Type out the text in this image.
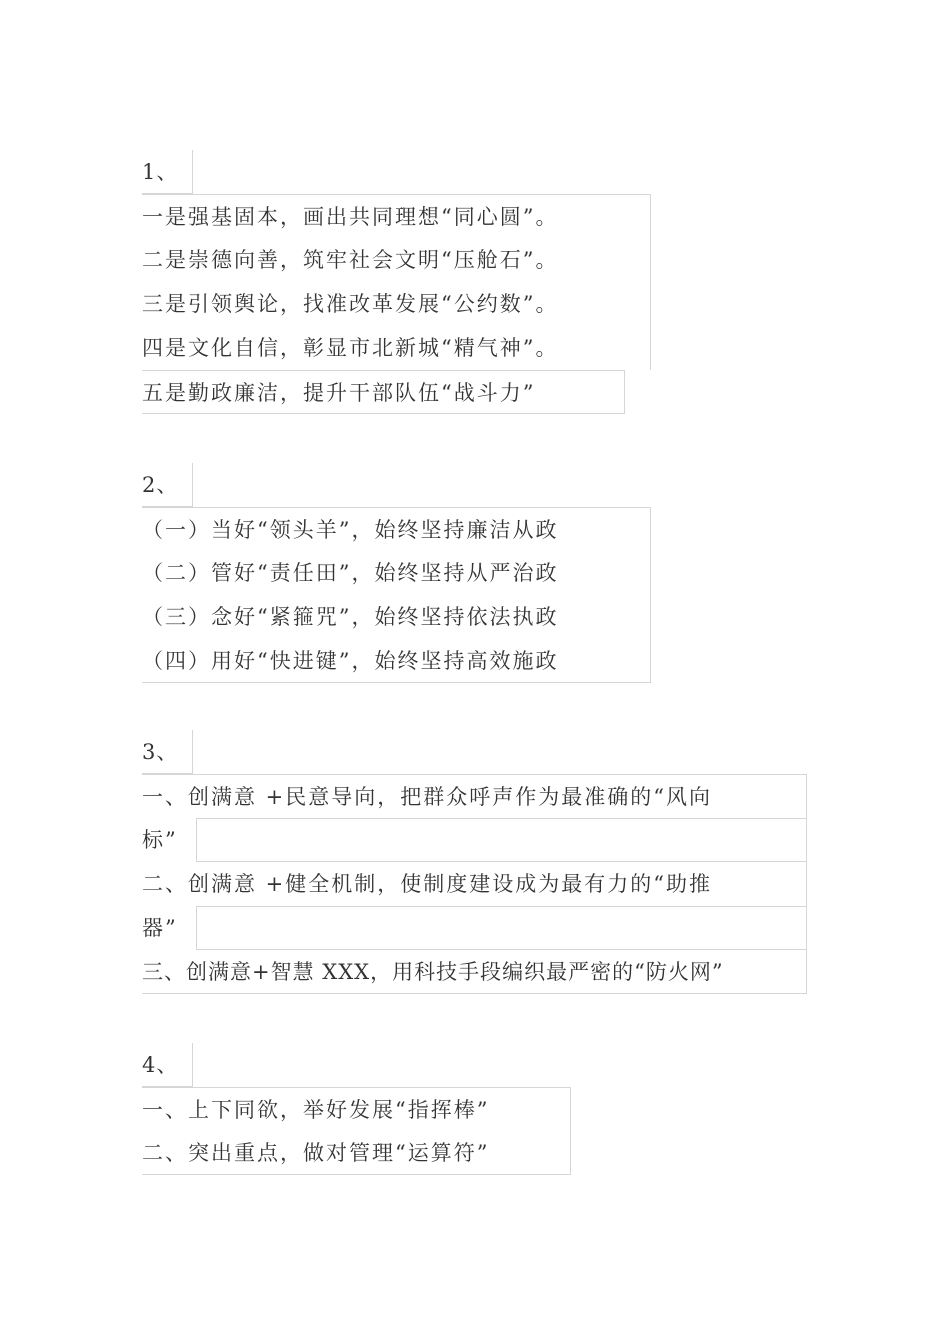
1、
一是强基固本，画出共同理想“同心圆”。
二是崇德向善，筑牢社会文明“压舱石”。
三是引领舆论，找准改革发展“公约数”。
四是文化自信，彰显市北新城“精气神”。
五是勤政廉洁，提升干部队伍“战斗力”
2、
（一）当好“领头羊”，始终坚持廉洁从政
（二）管好“责任田”，始终坚持从严治政
（三）念好“紧箍咒”，始终坚持依法执政
（四）用好“快进键”，始终坚持高效施政
3、
一、创满意 +民意导向，把群众呼声作为最准确的“风向
标”
二、创满意 +健全机制，使制度建设成为最有力的“助推
器”
三、创满意+智慧 XXX，用科技手段编织最严密的“防火网”
4、
一、上下同欲，举好发展“指挥棒”
二、突出重点，做对管理“运算符”
